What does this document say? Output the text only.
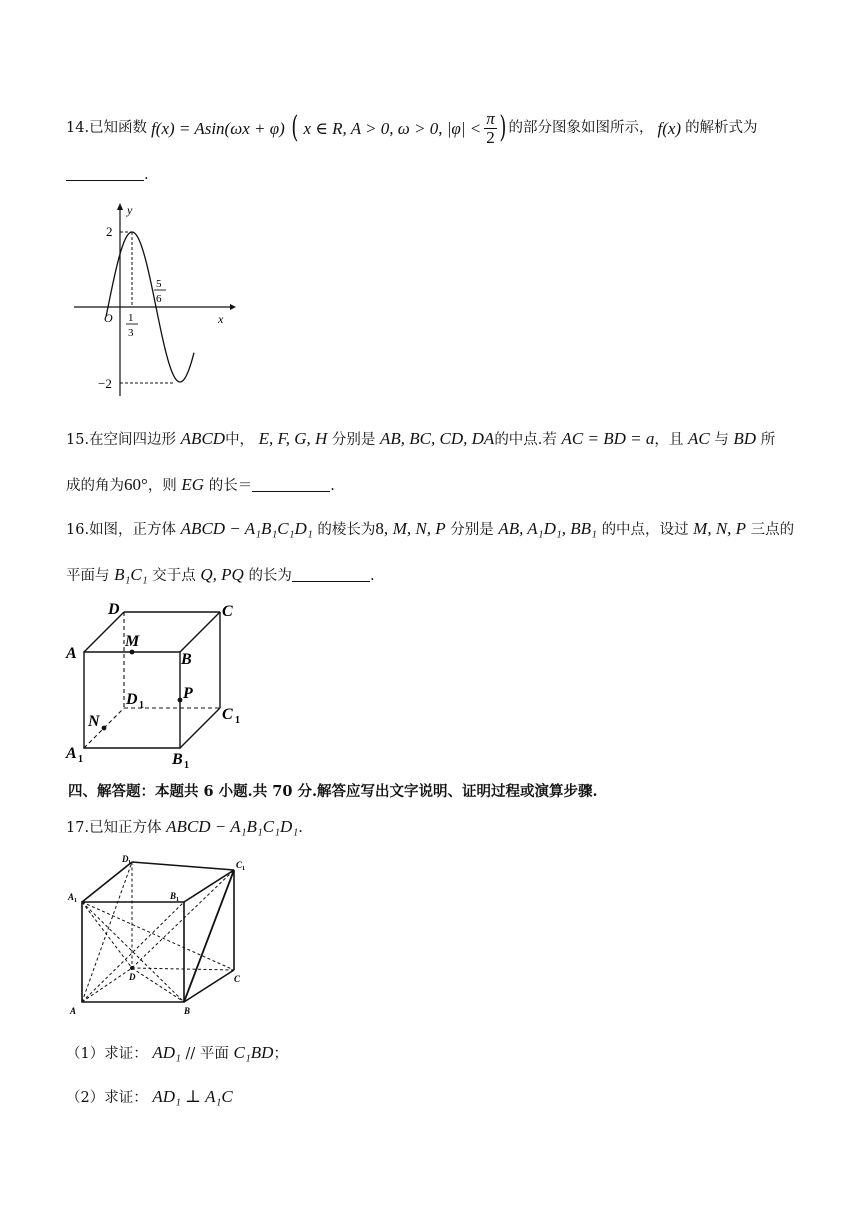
14. 已知函数 f(x) = Asin(ωx + φ) ( x ∈ R, A > 0, ω > 0, $|\varphi| < \frac{\pi}{2}$ ) 的部分图象如图所示， f(x) 的解析式为
.
y
x
O
2
−2
1
3
5
6
15.在空间四边形 ABCD中， E, F, G, H 分别是 AB, BC, CD, DA的中点.若 AC = BD = a，且 AC 与 BD 所
成的角为60°，则 EG 的长＝	.
16.如图，正方体 ABCD − A₁B₁C₁D₁ 的棱长为8, M, N, P 分别是 AB, A₁D₁, BB₁ 的中点，设过 M, N, P 三点的
平面与 B₁C₁ 交于点 Q, PQ 的长为	.
D	C
A	B
M
P
N
D
C
A	B
1
1
1
1
四、解答题：本题共 6 小题.共 70 分.解答应写出文字说明、证明过程或演算步骤.
17.已知正方体 ABCD − A₁B₁C₁D₁.
D
C
A	B
D	C
A	B
1
1
1	1
（1）求证： AD₁ // 平面 C₁BD；
（2）求证： AD₁ ⊥ A₁C
